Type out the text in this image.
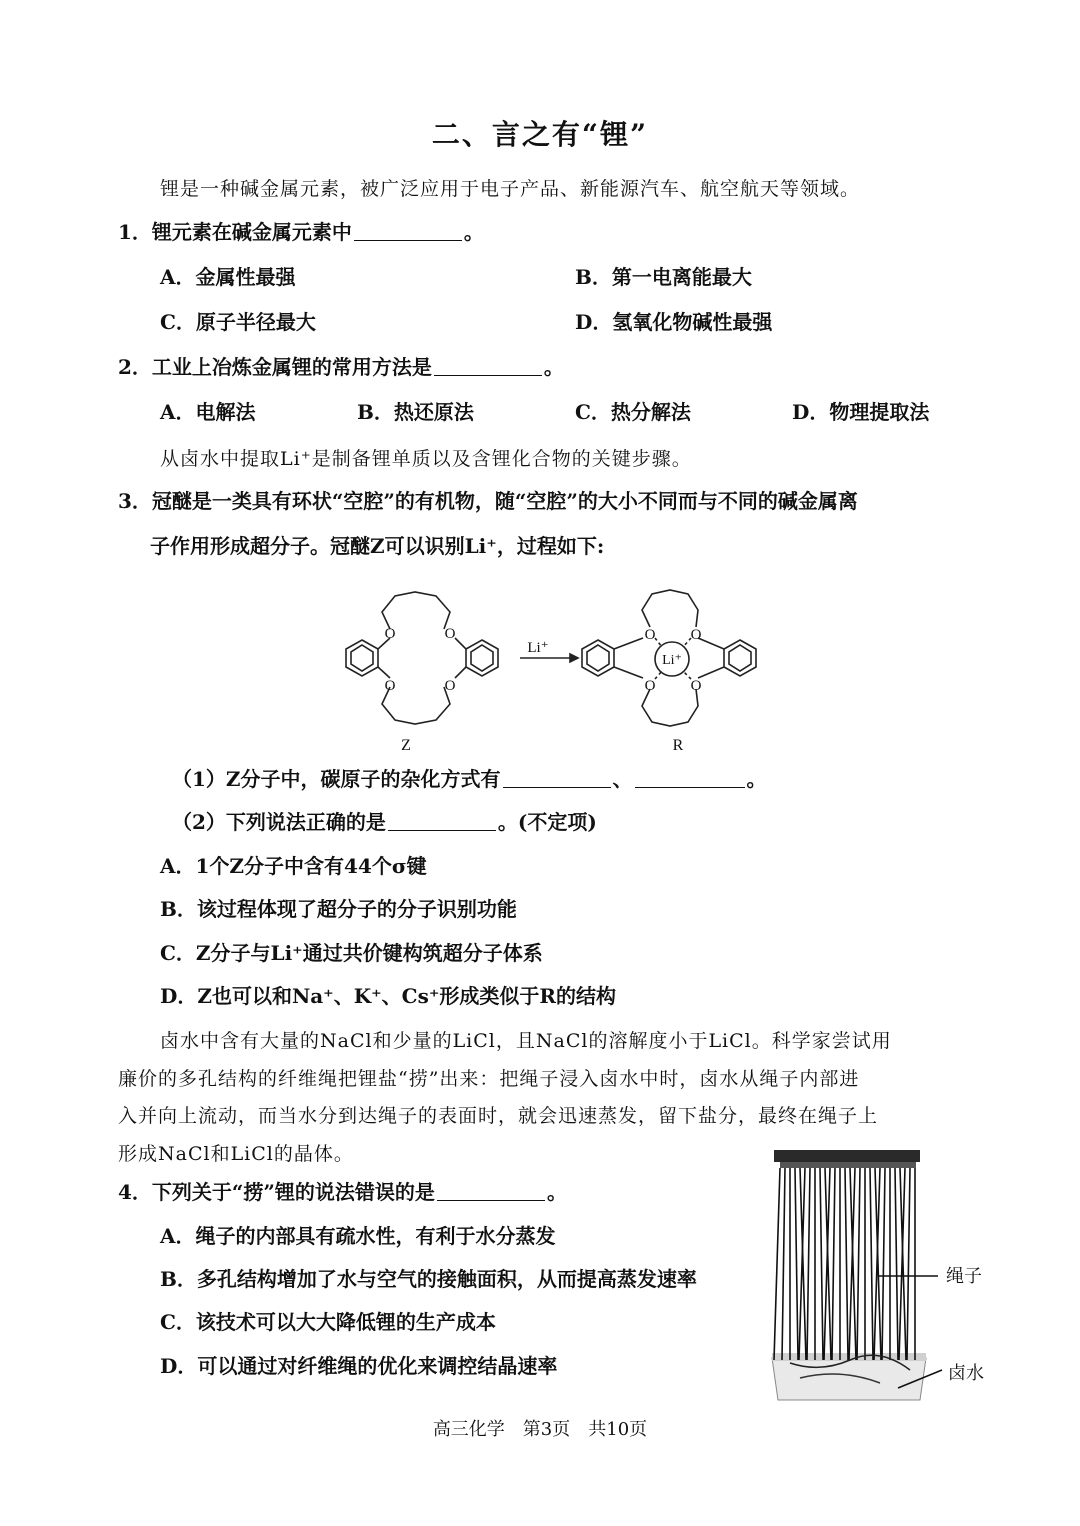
二、言之有“锂”
锂是一种碱金属元素，被广泛应用于电子产品、新能源汽车、航空航天等领域。
1．锂元素在碱金属元素中	。
A．金属性最强	B．第一电离能最大
C．原子半径最大	D．氢氧化物碱性最强
2．工业上冶炼金属锂的常用方法是	。
A．电解法	B．热还原法	C．热分解法	D．物理提取法
从卤水中提取Li⁺是制备锂单质以及含锂化合物的关键步骤。
3．冠醚是一类具有环状“空腔”的有机物，随“空腔”的大小不同而与不同的碱金属离
子作用形成超分子。冠醚Z可以识别Li⁺，过程如下:
O	O
O	O
O O
O O
Li⁺
Li⁺
Z	R
（1）Z分子中，碳原子的杂化方式有	、	。
（2）下列说法正确的是	。(不定项)
A．1个Z分子中含有44个σ键
B．该过程体现了超分子的分子识别功能
C．Z分子与Li⁺通过共价键构筑超分子体系
D．Z也可以和Na⁺、K⁺、Cs⁺形成类似于R的结构
卤水中含有大量的NaCl和少量的LiCl，且NaCl的溶解度小于LiCl。科学家尝试用
廉价的多孔结构的纤维绳把锂盐“捞”出来：把绳子浸入卤水中时，卤水从绳子内部进
入并向上流动，而当水分到达绳子的表面时，就会迅速蒸发，留下盐分，最终在绳子上
形成NaCl和LiCl的晶体。
4．下列关于“捞”锂的说法错误的是	。
A．绳子的内部具有疏水性，有利于水分蒸发
B．多孔结构增加了水与空气的接触面积，从而提高蒸发速率
C．该技术可以大大降低锂的生产成本
D．可以通过对纤维绳的优化来调控结晶速率
绳子
卤水
高三化学　第3页　共10页
